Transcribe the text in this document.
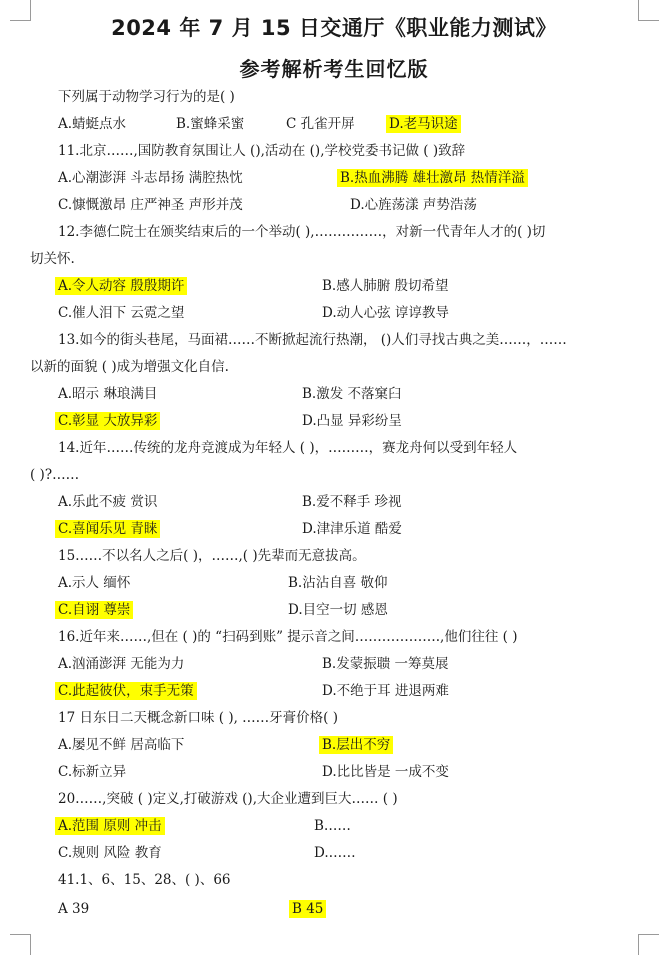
2024 年 7 月 15 日交通厅《职业能力测试》
参考解析考生回忆版
下列属于动物学习行为的是( )
A.蜻蜓点水	B.蜜蜂采蜜	C 孔雀开屏	D.老马识途
11.北京……,国防教育氛围让人 (),活动在 (),学校党委书记做 ( )致辞
A.心潮澎湃 斗志昂扬 满腔热忱	B.热血沸腾 雄壮激昂 热情洋溢
C.慷慨激昂 庄严神圣 声形并茂	D.心旌荡漾 声势浩荡
12.李德仁院士在颁奖结束后的一个举动( ),……………，对新一代青年人才的( )切
切关怀.
A.令人动容 殷殷期许	B.感人肺腑 殷切希望
C.催人泪下 云霓之望	D.动人心弦 谆谆教导
13.如今的街头巷尾，马面裙……不断掀起流行热潮， ()人们寻找古典之美……，……
以新的面貌 ( )成为增强文化自信.
A.昭示 琳琅满目	B.激发 不落窠臼
C.彰显 大放异彩	D.凸显 异彩纷呈
14.近年……传统的龙舟竞渡成为年轻人 ( )，………，赛龙舟何以受到年轻人
( )?……
A.乐此不疲 赏识	B.爱不释手 珍视
C.喜闻乐见 青睐	D.津津乐道 酷爱
15……不以名人之后( )，……,( )先辈而无意拔高。
A.示人 缅怀	B.沾沾自喜 敬仰
C.自诩 尊崇	D.目空一切 感恩
16.近年来……,但在 ( )的 “扫码到账” 提示音之间……………….,他们往往 ( )
A.汹涌澎湃 无能为力	B.发蒙振聩 一筹莫展
C.此起彼伏，束手无策	D.不绝于耳 进退两难
17 日东日二天概念新口味 ( ), ……牙膏价格( )
A.屡见不鲜 居高临下	B.层出不穷
C.标新立异	D.比比皆是 一成不变
20……,突破 ( )定义,打破游戏 (),大企业遭到巨大…… ( )
A.范围 原则 冲击	B……
C.规则 风险 教育	D.……
41.1、6、15、28、( )、66
A 39	B 45
